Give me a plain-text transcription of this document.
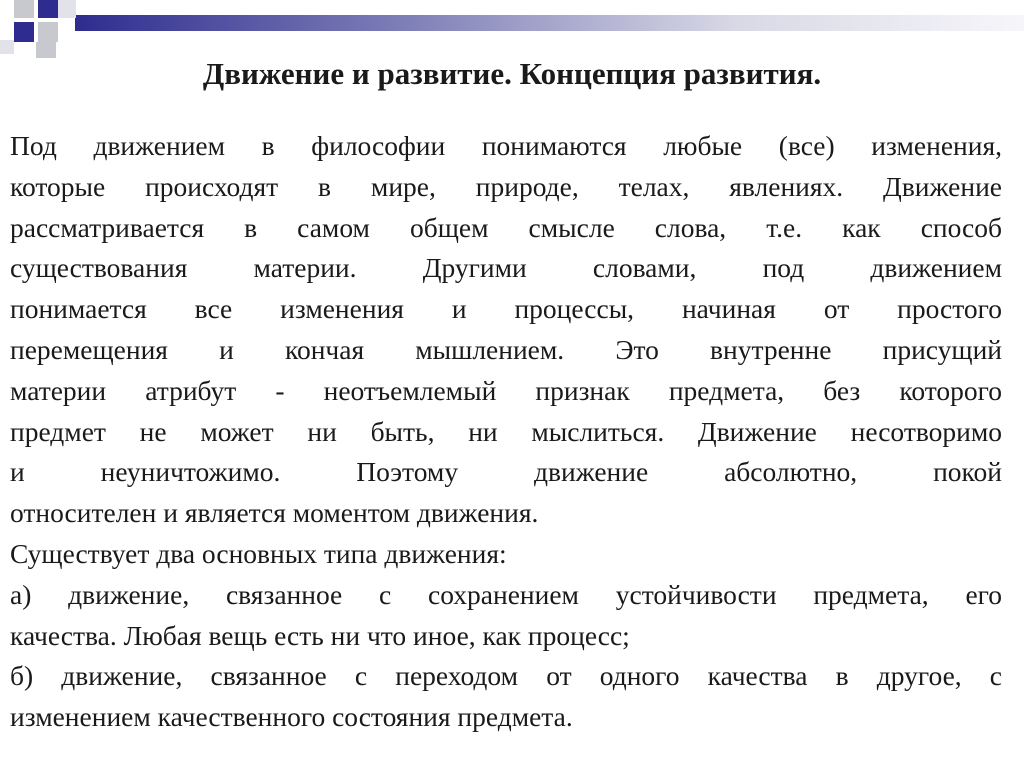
Движение и развитие. Концепция развития.

Под движением в философии понимаются любые (все) изменения,
которые происходят в мире, природе, телах, явлениях. Движение
рассматривается в самом общем смысле слова, т.е. как способ
существования материи. Другими словами, под движением
понимается все изменения и процессы, начиная от простого
перемещения и кончая мышлением. Это внутренне присущий
материи атрибут - неотъемлемый признак предмета, без которого
предмет не может ни быть, ни мыслиться. Движение несотворимо
и неуничтожимо. Поэтому движение абсолютно, покой
относителен и является моментом движения.

Существует два основных типа движения:

а) движение, связанное с сохранением устойчивости предмета, его
качества. Любая вещь есть ни что иное, как процесс;

б) движение, связанное с переходом от одного качества в другое, с
изменением качественного состояния предмета.
